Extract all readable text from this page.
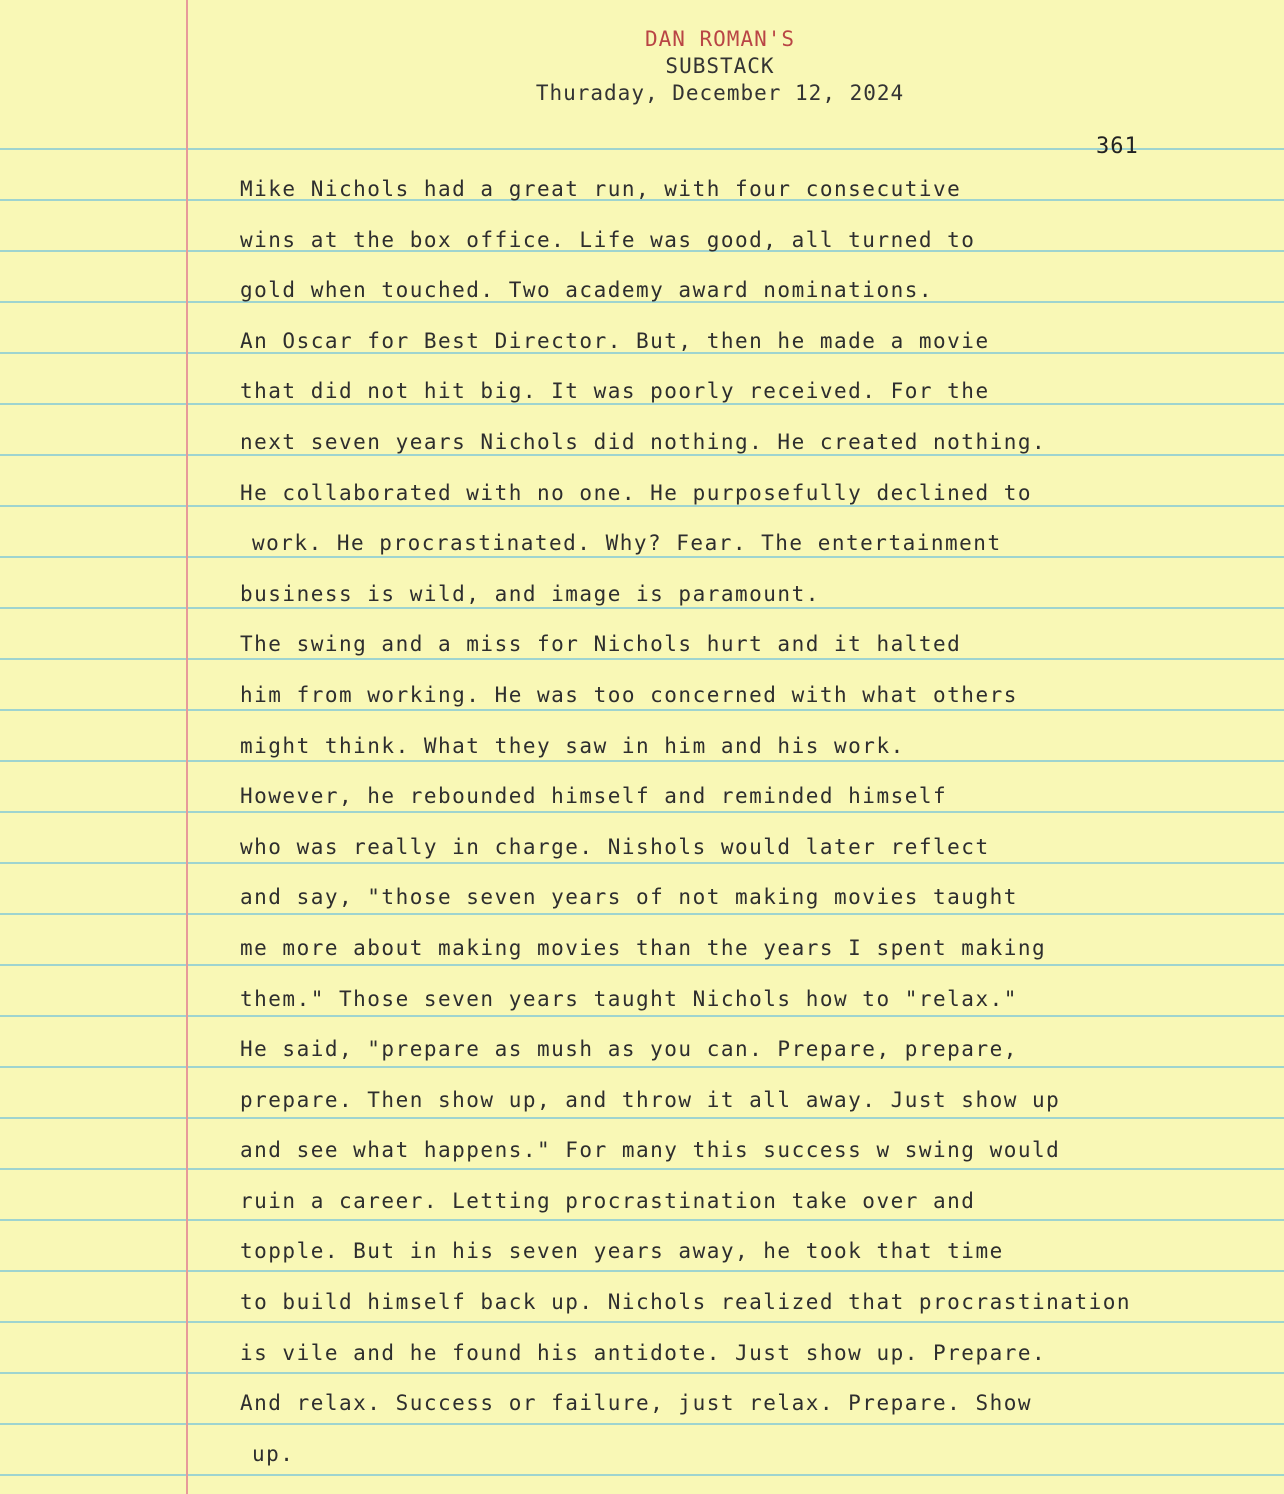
DAN ROMAN'S
SUBSTACK
Thuraday, December 12, 2024
361
Mike Nichols had a great run, with four consecutive
wins at the box office. Life was good, all turned to
gold when touched. Two academy award nominations.
An Oscar for Best Director. But, then he made a movie
that did not hit big. It was poorly received. For the
next seven years Nichols did nothing. He created nothing.
He collaborated with no one. He purposefully declined to
work. He procrastinated. Why? Fear. The entertainment
business is wild, and image is paramount.
The swing and a miss for Nichols hurt and it halted
him from working. He was too concerned with what others
might think. What they saw in him and his work.
However, he rebounded himself and reminded himself
who was really in charge. Nishols would later reflect
and say, "those seven years of not making movies taught
me more about making movies than the years I spent making
them." Those seven years taught Nichols how to "relax."
He said, "prepare as mush as you can. Prepare, prepare,
prepare. Then show up, and throw it all away. Just show up
and see what happens." For many this success w swing would
ruin a career. Letting procrastination take over and
topple. But in his seven years away, he took that time
to build himself back up. Nichols realized that procrastination
is vile and he found his antidote. Just show up. Prepare.
And relax. Success or failure, just relax. Prepare. Show
up.
